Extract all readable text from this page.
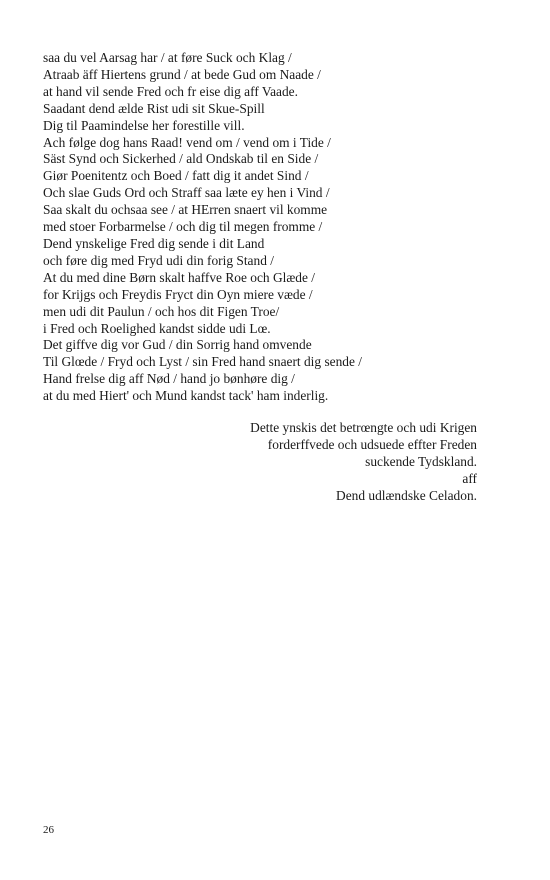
saa du vel Aarsag har / at føre Suck och Klag /
Atraab äff Hiertens grund / at bede Gud om Naade /
at hand vil sende Fred och fr eise dig aff Vaade.
Saadant dend ælde Rist udi sit Skue-Spill
Dig til Paamindelse her forestille vill.
Ach følge dog hans Raad! vend om / vend om i Tide /
Säst Synd och Sickerhed / ald Ondskab til en Side /
Giør Poenitentz och Boed / fatt dig it andet Sind /
Och slae Guds Ord och Straff saa læte ey hen i Vind /
Saa skalt du ochsaa see / at HErren snaert vil komme
med stoer Forbarmelse / och dig til megen fromme /
Dend ynskelige Fred dig sende i dit Land
och føre dig med Fryd udi din forig Stand /
At du med dine Børn skalt haffve Roe och Glæde /
for Krijgs och Freydis Fryct din Oyn miere væde /
men udi dit Paulun / och hos dit Figen Troe/
i Fred och Roelighed kandst sidde udi Lœ.
Det giffve dig vor Gud / din Sorrig hand omvende
Til Glœde / Fryd och Lyst / sin Fred hand snaert dig sende /
Hand frelse dig aff Nød / hand jo bønhøre dig /
at du med Hiert' och Mund kandst tack' ham inderlig.
Dette ynskis det betrœngte och udi Krigen
forderffvede och udsuede effter Freden
suckende Tydskland.
aff
Dend udlændske Celadon.
26
